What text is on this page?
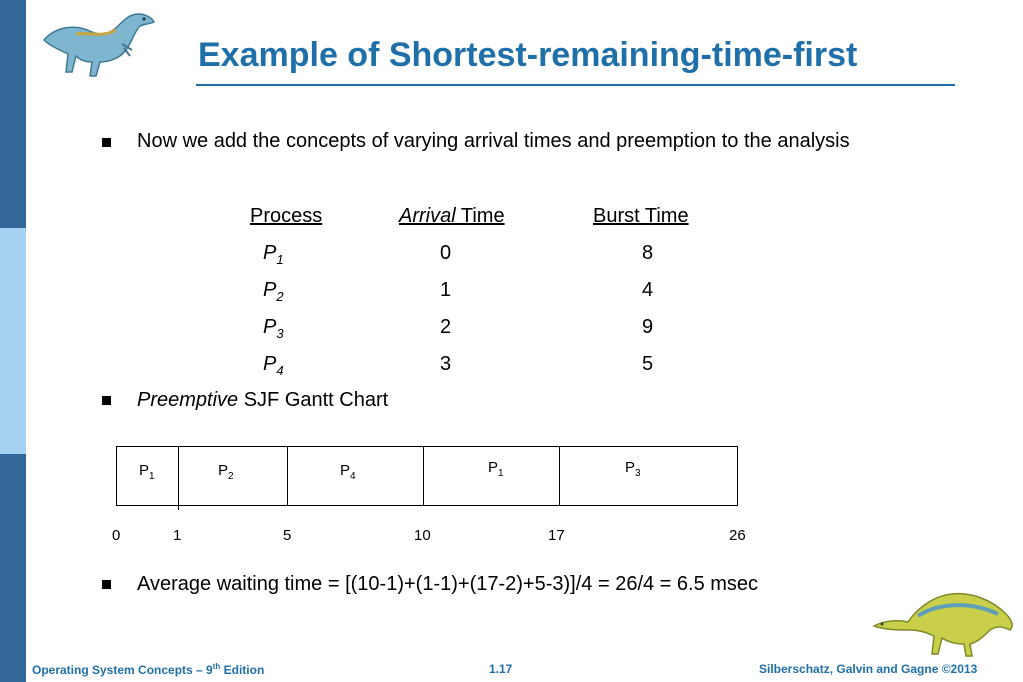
Example of Shortest-remaining-time-first
Now we add the concepts of varying arrival times and preemption to the analysis
Process	Arrival Time	Burst Time
$P_1$	0	8
$P_2$	1	4
$P_3$	2	9
$P_4$	3	5
Preemptive SJF Gantt Chart
$P_1$	$P_2$	$P_4$
$P_1$	$P_3$
0	1	5	10	17	26
Average waiting time = [(10-1)+(1-1)+(17-2)+5-3)]/4 = 26/4 = 6.5 msec
Operating System Concepts – 9th Edition	1.17	Silberschatz, Galvin and Gagne ©2013
